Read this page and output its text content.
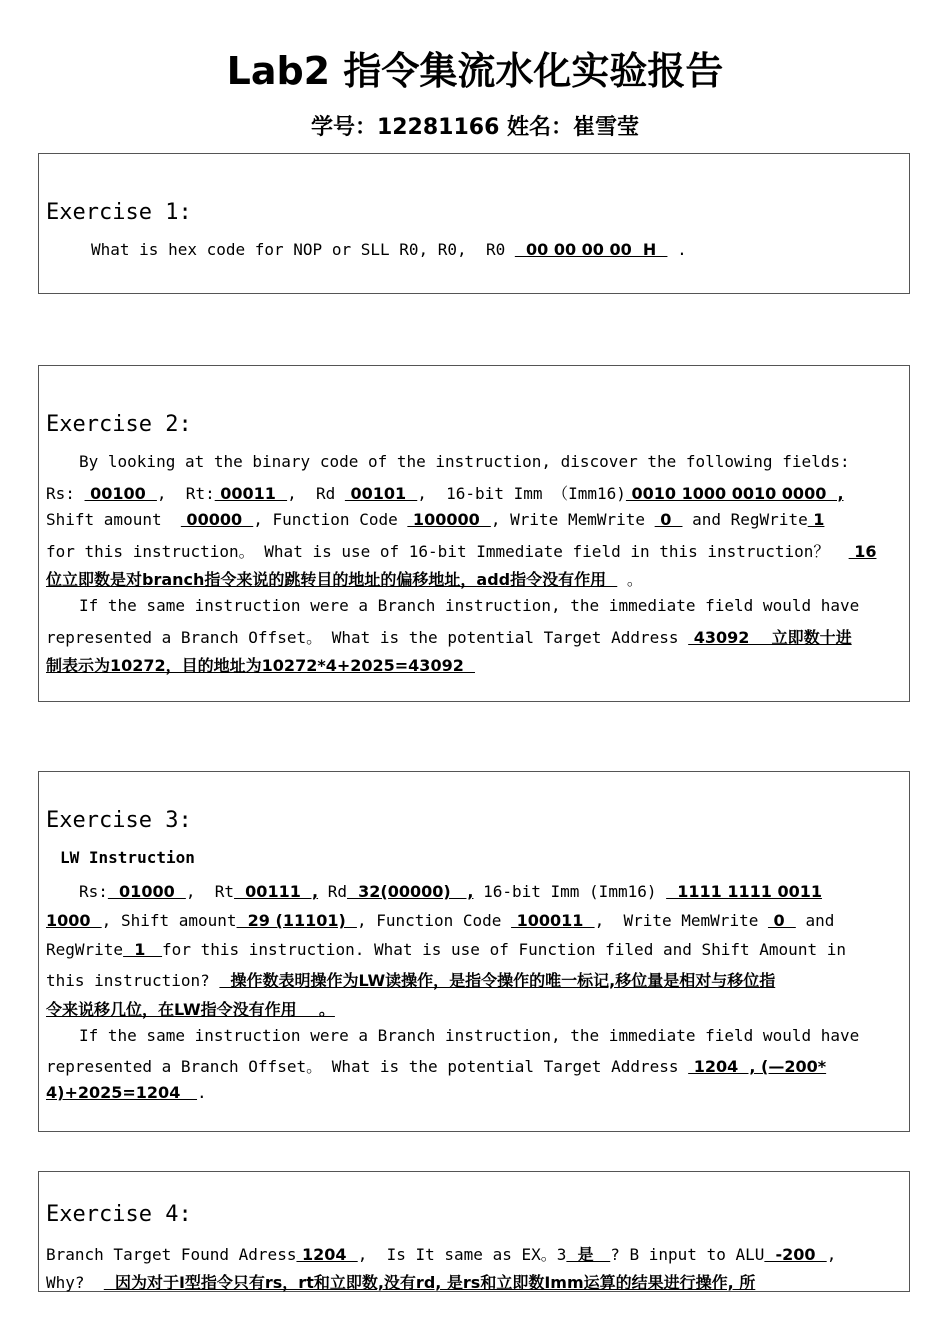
Lab2 指令集流水化实验报告
学号：12281166 姓名：崔雪莹
Exercise 1:
What is hex code for NOP or SLL R0, R0,  R0   00 00 00 00  H   .
Exercise 2:
By looking at the binary code of the instruction, discover the following fields:
Rs:  00100  ,  Rt: 00011  ,  Rd  00101  ,  16-bit Imm （Imm16) 0010 1000 0010 0000  ,
Shift amount   00000  , Function Code  100000  , Write MemWrite  0   and RegWrite 1
for this instruction。 What is use of 16-bit Immediate field in this instruction？   16
位立即数是对branch指令来说的跳转目的地址的偏移地址，add指令没有作用   。
If the same instruction were a Branch instruction, the immediate field would have
represented a Branch Offset。 What is the potential Target Address  43092    立即数十进
制表示为10272，目的地址为10272*4+2025=43092
Exercise 3:
LW Instruction
Rs:  01000  ,  Rt  00111  , Rd  32(00000)   , 16-bit Imm (Imm16)   1111 1111 0011
1000  , Shift amount  29 (11101)  , Function Code  100011  ,  Write MemWrite  0   and
RegWrite  1   for this instruction. What is use of Function filed and Shift Amount in
this instruction?   操作数表明操作为LW读操作，是指令操作的唯一标记,移位量是相对与移位指
令来说移几位，在LW指令没有作用    。
If the same instruction were a Branch instruction, the immediate field would have
represented a Branch Offset。 What is the potential Target Address  1204  , (—200*
4)+2025=1204   .
Exercise 4:
Branch Target Found Adress 1204  ,  Is It same as EX。3  是   ? B input to ALU  -200  ,
Why?    因为对于I型指令只有rs，rt和立即数,没有rd, 是rs和立即数Imm运算的结果进行操作, 所
